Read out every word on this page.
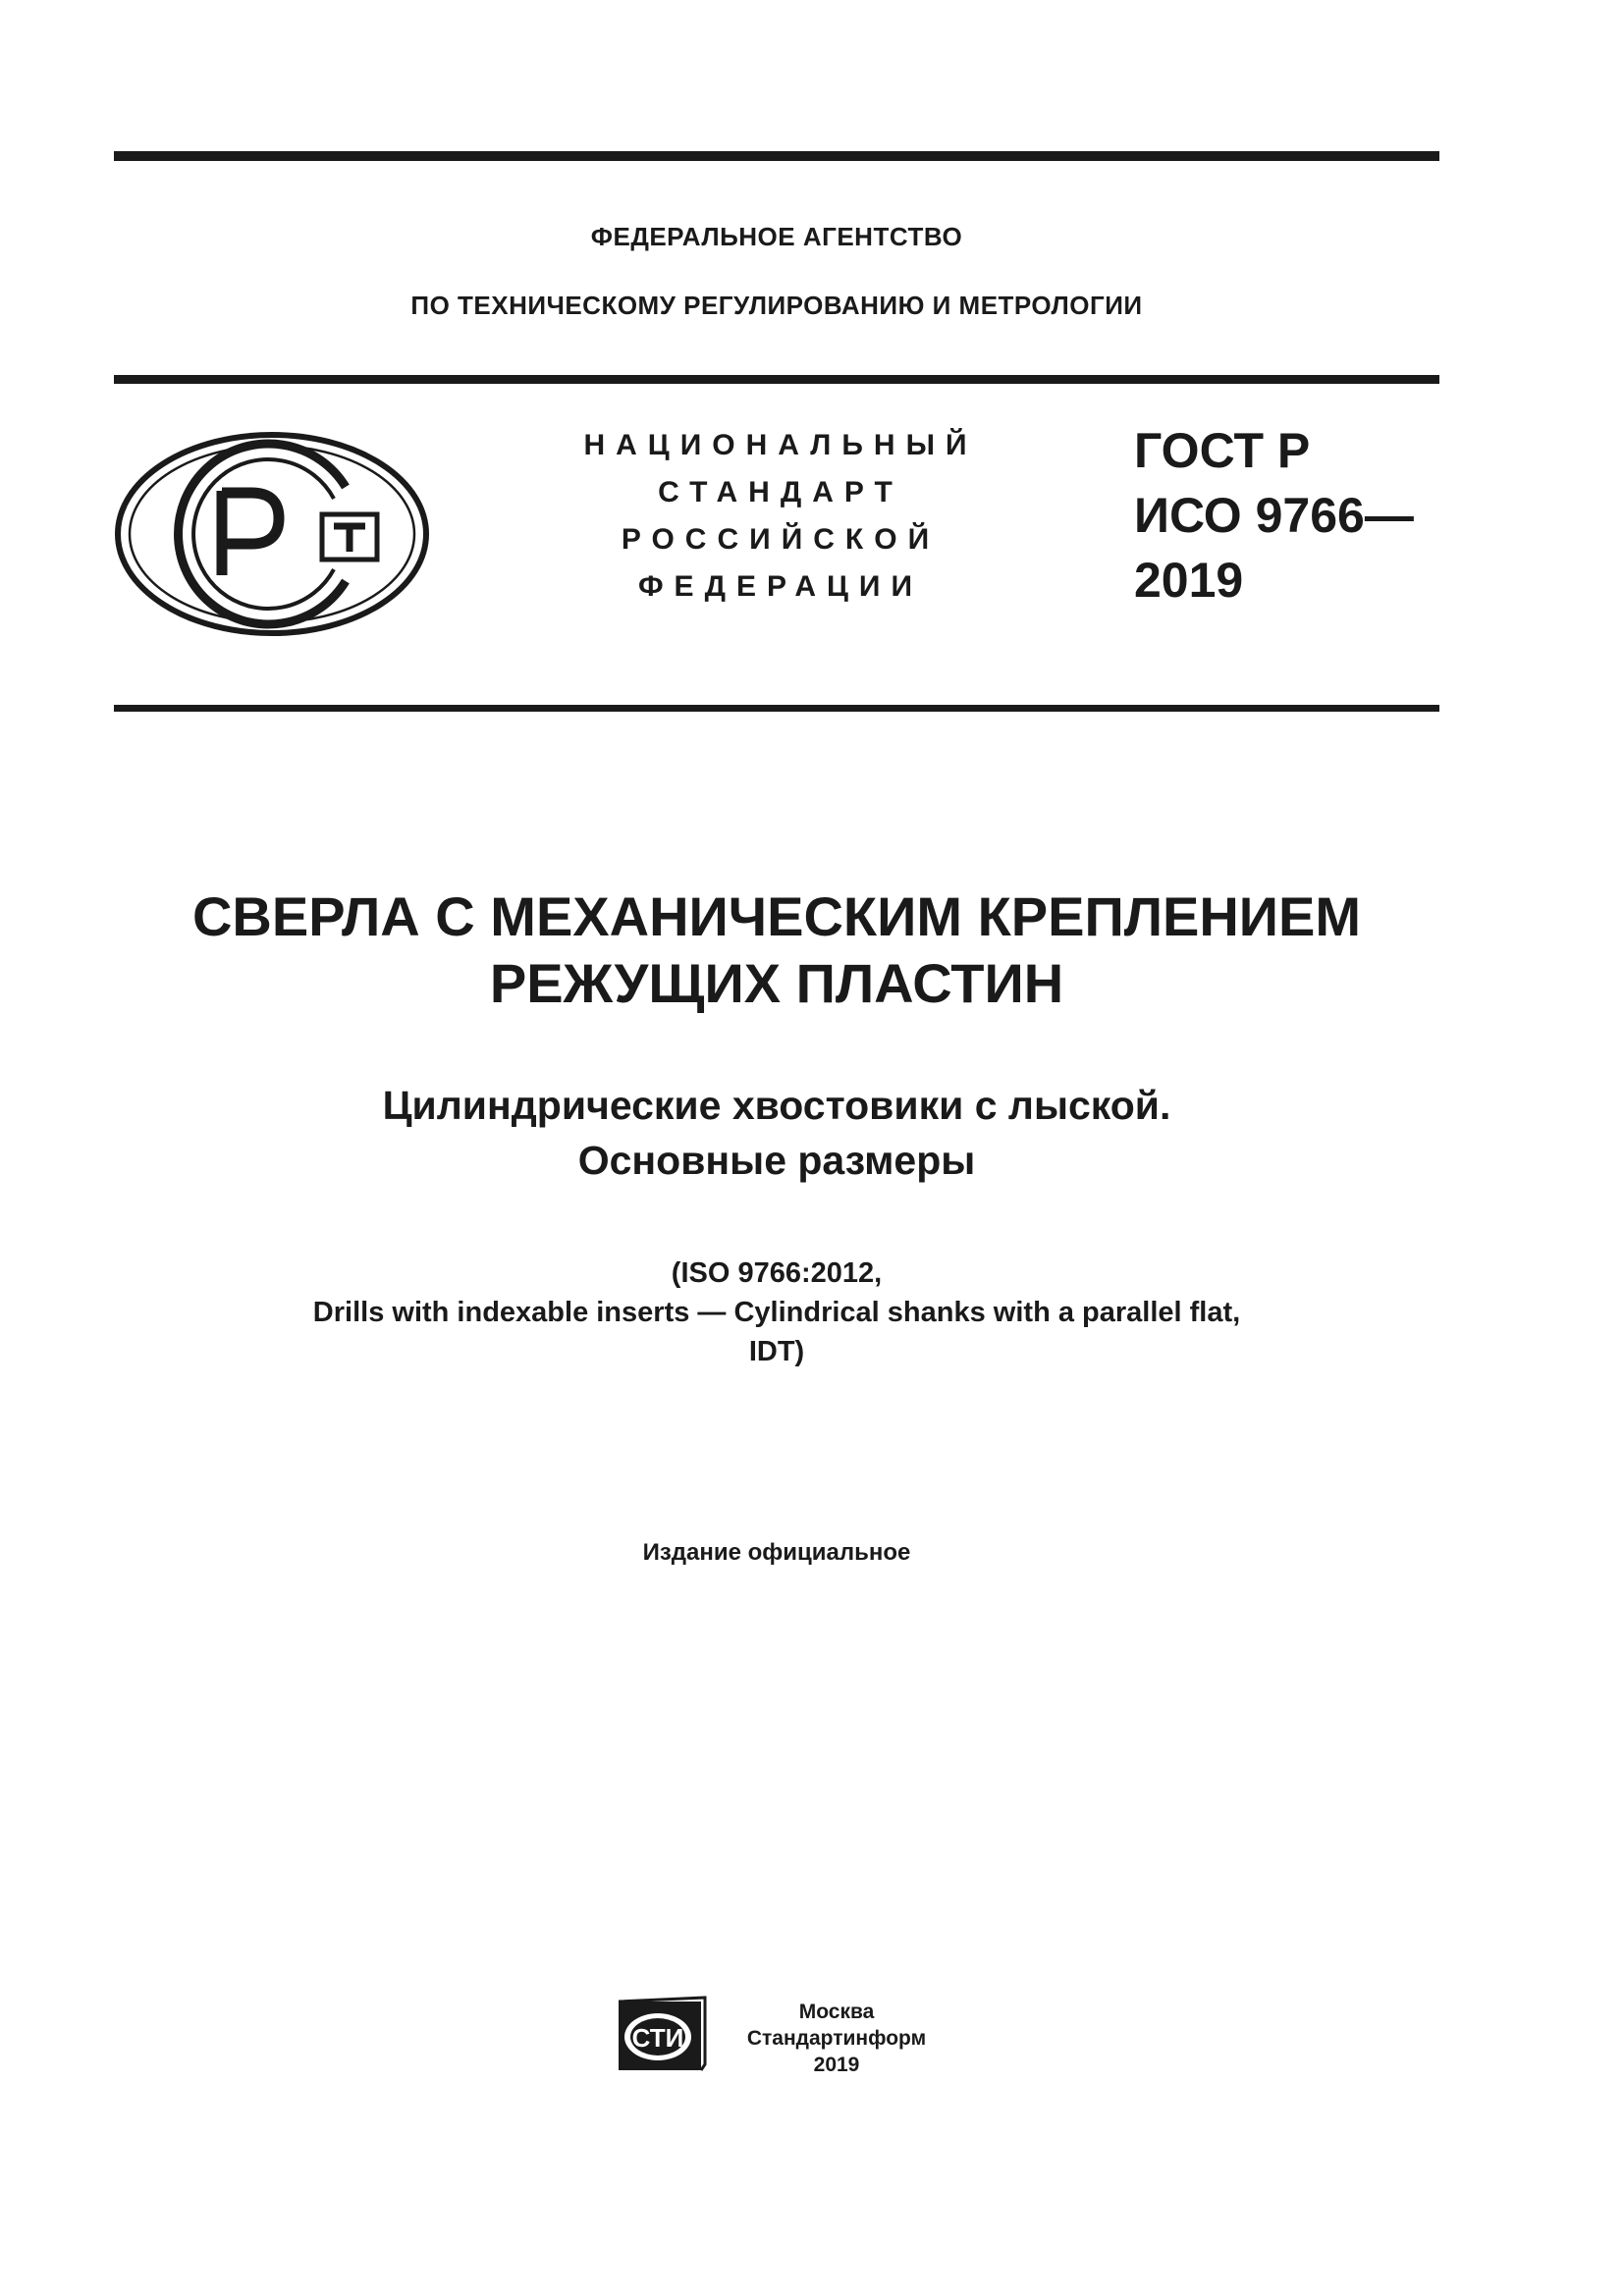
ФЕДЕРАЛЬНОЕ АГЕНТСТВО
ПО ТЕХНИЧЕСКОМУ РЕГУЛИРОВАНИЮ И МЕТРОЛОГИИ
НАЦИОНАЛЬНЫЙ
СТАНДАРТ
РОССИЙСКОЙ
ФЕДЕРАЦИИ
ГОСТ Р
ИСО 9766—
2019
СВЕРЛА С МЕХАНИЧЕСКИМ КРЕПЛЕНИЕМ
РЕЖУЩИХ ПЛАСТИН
Цилиндрические хвостовики с лыской.
Основные размеры
(ISO 9766:2012,
Drills with indexable inserts — Cylindrical shanks with a parallel flat,
IDT)
Издание официальное
СТИ
Москва
Стандартинформ
2019
